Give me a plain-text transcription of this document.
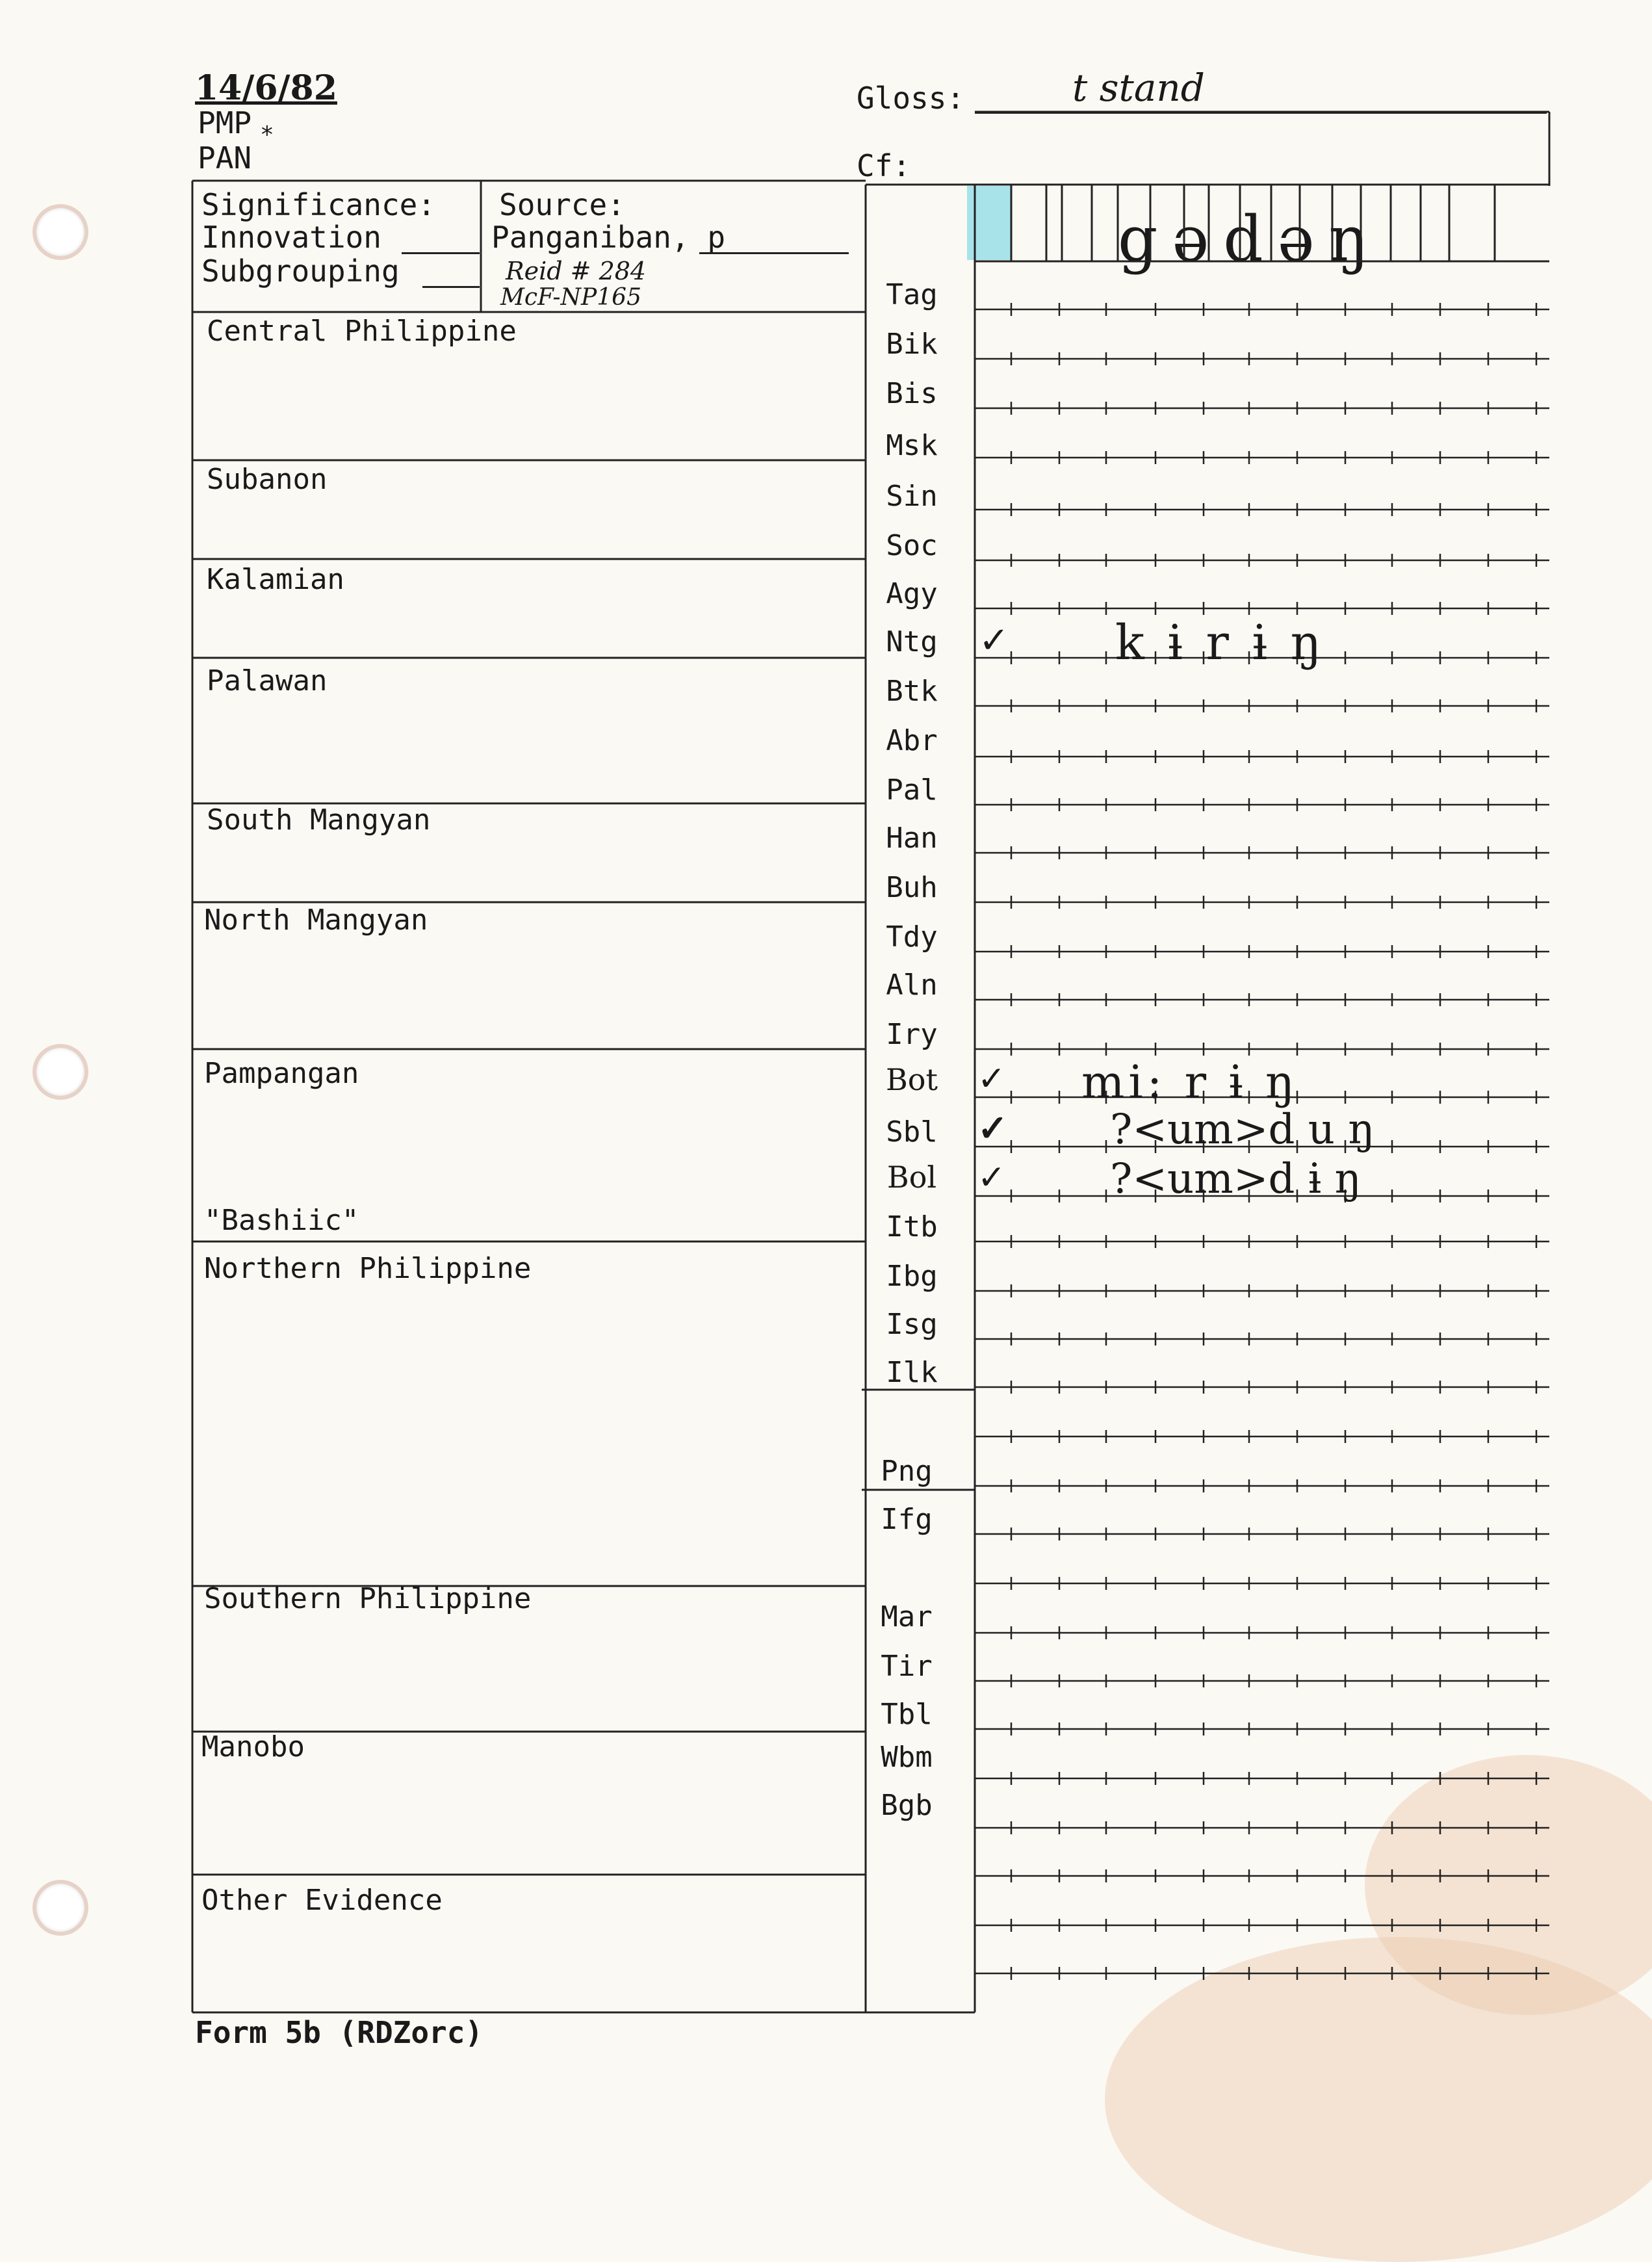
14/6/82
PMP *
PAN
Gloss:	t stand
Cf:
Significance:
Innovation
Subgrouping
Source:
Panganiban, p
Reid # 284
McF-NP165
gədəŋ
Central Philippine
Subanon
Kalamian
Palawan
South Mangyan
North Mangyan
Pampangan
"Bashiic"
Northern Philippine
Southern Philippine
Manobo
Other Evidence
Tag
Bik
Bis
Msk
Sin
Soc
Agy
Ntg
Btk
Abr
Pal
Han
Buh
Tdy
Aln
Iry
Bot
Sbl
Bol
Itb
Ibg
Isg
Ilk
Png
Ifg
Mar
Tir
Tbl
Wbm
Bgb
✓ k ɨ r ɨ ŋ
✓ mi: r ɨ ŋ
✓ ?<um>d u ŋ
✓	?<um>d ɨ ŋ
Form 5b (RDZorc)
